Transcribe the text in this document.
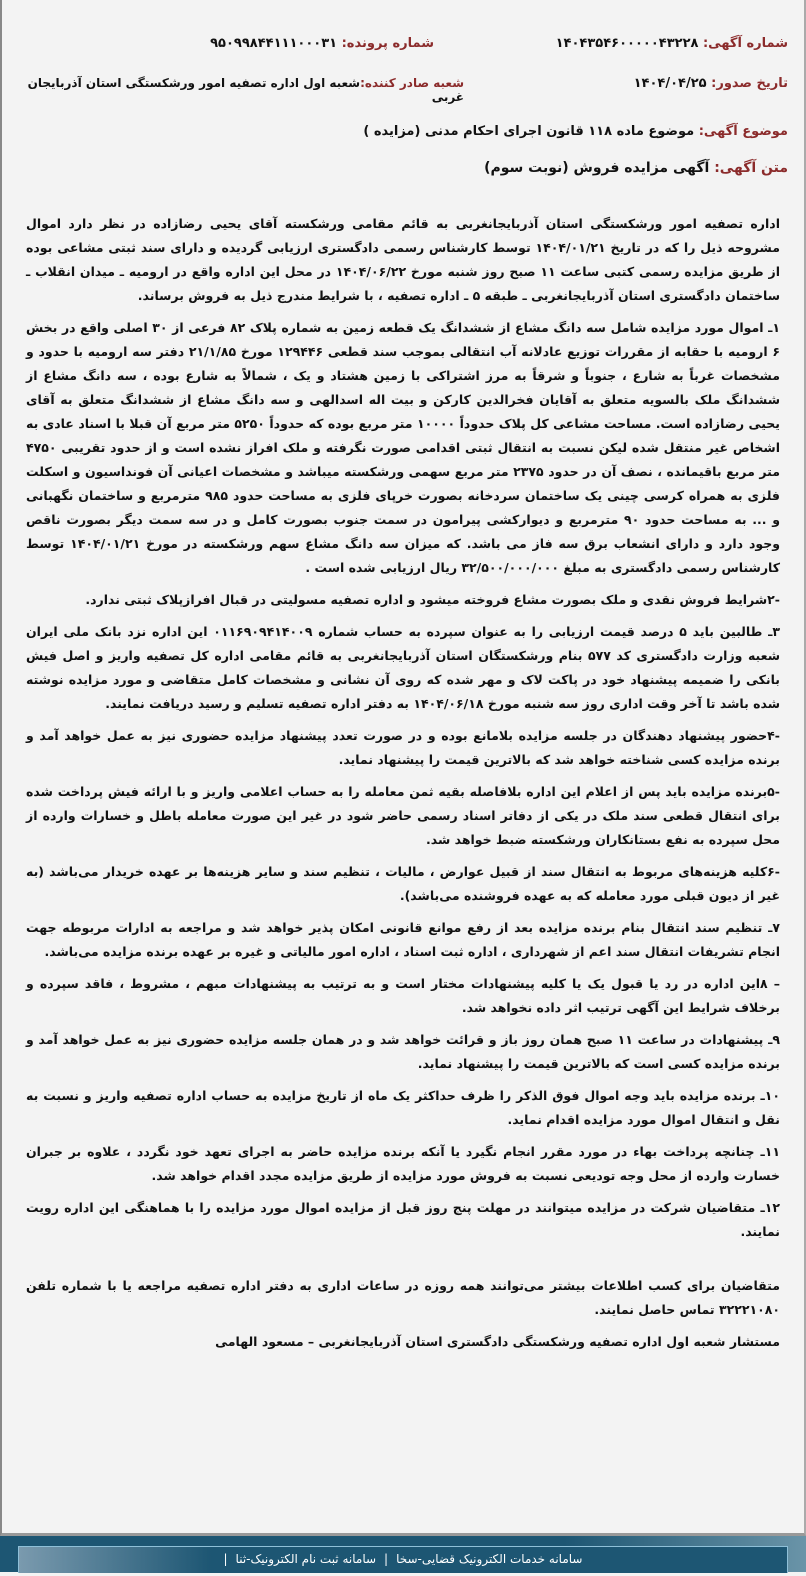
شماره آگهی: ۱۴۰۴۳۵۴۶۰۰۰۰۰۴۳۲۲۸
شماره پرونده: ۹۵۰۹۹۸۴۴۱۱۱۰۰۰۳۱
تاریخ صدور: ۱۴۰۴/۰۴/۲۵
شعبه صادر کننده:شعبه اول اداره تصفیه امور ورشکستگی استان آذربایجان غربی
موضوع آگهی: موضوع ماده ۱۱۸ قانون اجرای احکام مدنی (مزایده )
متن آگهی: آگهی مزایده فروش (نوبت سوم)

اداره تصفیه امور ورشکستگی استان آذربایجانغربی به قائم مقامی ورشکسته آقای یحیی رضازاده در نظر دارد اموال مشروحه ذیل را که در تاریخ ۱۴۰۴/۰۱/۲۱ توسط کارشناس رسمی دادگستری ارزیابی گردیده و دارای سند ثبتی مشاعی بوده از طریق مزایده رسمی کتبی ساعت ۱۱ صبح روز شنبه مورخ ۱۴۰۴/۰۶/۲۲ در محل این اداره واقع در ارومیه ـ میدان انقلاب ـ ساختمان دادگستری استان آذربایجانغربی ـ طبقه ۵ ـ اداره تصفیه ، با شرایط مندرج ذیل به فروش برساند.

۱ـ اموال مورد مزایده شامل سه دانگ مشاع از ششدانگ یک قطعه زمین به شماره پلاک ۸۲ فرعی از ۳۰ اصلی واقع در بخش ۶ ارومیه با حقابه از مقررات توزیع عادلانه آب انتقالی بموجب سند قطعی ۱۲۹۴۴۶ مورخ ۲۱/۱/۸۵ دفتر سه ارومیه با حدود و مشخصات غرباً به شارع ، جنوباً و شرقاً به مرز اشتراکی با زمین هشتاد و یک ، شمالاً به شارع بوده ، سه دانگ مشاع از ششدانگ ملک بالسویه متعلق به آقایان فخرالدین کارکن و بیت اله اسدالهی و سه دانگ مشاع از ششدانگ متعلق به آقای یحیی رضازاده است. مساحت مشاعی کل پلاک حدوداً ۱۰۰۰۰ متر مربع بوده که حدوداً ۵۲۵۰ متر مربع آن قبلا با اسناد عادی به اشخاص غیر منتقل شده لیکن نسبت به انتقال ثبتی اقدامی صورت نگرفته و ملک افراز نشده است و از حدود تقریبی ۴۷۵۰ متر مربع باقیمانده ، نصف آن در حدود ۲۳۷۵ متر مربع سهمی ورشکسته میباشد و مشخصات اعیانی آن فونداسیون و اسکلت فلزی به همراه کرسی چینی یک ساختمان سردخانه بصورت خرپای فلزی به مساحت حدود ۹۸۵ مترمربع و ساختمان نگهبانی و ... به مساحت حدود ۹۰ مترمربع و دیوارکشی پیرامون در سمت جنوب بصورت کامل و در سه سمت دیگر بصورت ناقص وجود دارد و دارای انشعاب برق سه فاز می باشد. که میزان سه دانگ مشاع سهم ورشکسته در مورخ ۱۴۰۴/۰۱/۲۱ توسط کارشناس رسمی دادگستری به مبلغ ۳۲/۵۰۰/۰۰۰/۰۰۰ ریال ارزیابی شده است .

-۲شرایط فروش نقدی و ملک بصورت مشاع فروخته میشود و اداره تصفیه مسولیتی در قبال افرازپلاک ثبتی ندارد.

۳ـ طالبین باید ۵ درصد قیمت ارزیابی را به عنوان سپرده به حساب شماره ۰۱۱۶۹۰۹۴۱۴۰۰۹ این اداره نزد بانک ملی ایران شعبه وزارت دادگستری کد ۵۷۷ بنام ورشکستگان استان آذربایجانغربی به قائم مقامی اداره کل تصفیه واریز و اصل فیش بانکی را ضمیمه پیشنهاد خود در پاکت لاک و مهر شده که روی آن نشانی و مشخصات کامل متقاضی و مورد مزایده نوشته شده باشد تا آخر وقت اداری روز سه شنبه مورخ ۱۴۰۴/۰۶/۱۸ به دفتر اداره تصفیه تسلیم و رسید دریافت نمایند.

-۴حضور پیشنهاد دهندگان در جلسه مزایده بلامانع بوده و در صورت تعدد پیشنهاد مزایده حضوری نیز به عمل خواهد آمد و برنده مزایده کسی شناخته خواهد شد که بالاترین قیمت را پیشنهاد نماید.

-۵برنده مزایده باید پس از اعلام این اداره بلافاصله بقیه ثمن معامله را به حساب اعلامی واریز و با ارائه فیش پرداخت شده برای انتقال قطعی سند ملک در یکی از دفاتر اسناد رسمی حاضر شود در غیر این صورت معامله باطل و خسارات وارده از محل سپرده به نفع بستانکاران ورشکسته ضبط خواهد شد.

-۶کلیه هزینه‌های مربوط به انتقال سند از قبیل عوارض ، مالیات ، تنظیم سند و سایر هزینه‌ها بر عهده خریدار می‌باشد (به غیر از دیون قبلی مورد معامله که به عهده فروشنده می‌باشد).

۷ـ تنظیم سند انتقال بنام برنده مزایده بعد از رفع موانع قانونی امکان پذیر خواهد شد و مراجعه به ادارات مربوطه جهت انجام تشریفات انتقال سند اعم از شهرداری ، اداره ثبت اسناد ، اداره امور مالیاتی و غیره بر عهده برنده مزایده می‌باشد.

– ۸این اداره در رد یا قبول یک یا کلیه پیشنهادات مختار است و به ترتیب به پیشنهادات مبهم ، مشروط ، فاقد سپرده و برخلاف شرایط این آگهی ترتیب اثر داده نخواهد شد.

۹ـ پیشنهادات در ساعت ۱۱ صبح همان روز باز و قرائت خواهد شد و در همان جلسه مزایده حضوری نیز به عمل خواهد آمد و برنده مزایده کسی است که بالاترین قیمت را پیشنهاد نماید.

۱۰ـ برنده مزایده باید وجه اموال فوق الذکر را ظرف حداکثر یک ماه از تاریخ مزایده به حساب اداره تصفیه واریز و نسبت به نقل و انتقال اموال مورد مزایده اقدام نماید.

۱۱ـ چنانچه پرداخت بهاء در مورد مقرر انجام نگیرد یا آنکه برنده مزایده حاضر به اجرای تعهد خود نگردد ، علاوه بر جبران خسارت وارده از محل وجه تودیعی نسبت به فروش مورد مزایده از طریق مزایده مجدد اقدام خواهد شد.

۱۲ـ متقاضیان شرکت در مزایده میتوانند در مهلت پنج روز قبل از مزایده اموال مورد مزایده را با هماهنگی این اداره رویت نمایند.

متقاضیان برای کسب اطلاعات بیشتر می‌توانند همه روزه در ساعات اداری به دفتر اداره تصفیه مراجعه یا با شماره تلفن ۳۲۲۲۱۰۸۰ تماس حاصل نمایند.

مستشار شعبه اول اداره تصفیه ورشکستگی دادگستری استان آذربایجانغربی – مسعود الهامی

سامانه خدمات الکترونیک قضایی-سخا|سامانه ثبت نام الکترونیک-ثنا|
